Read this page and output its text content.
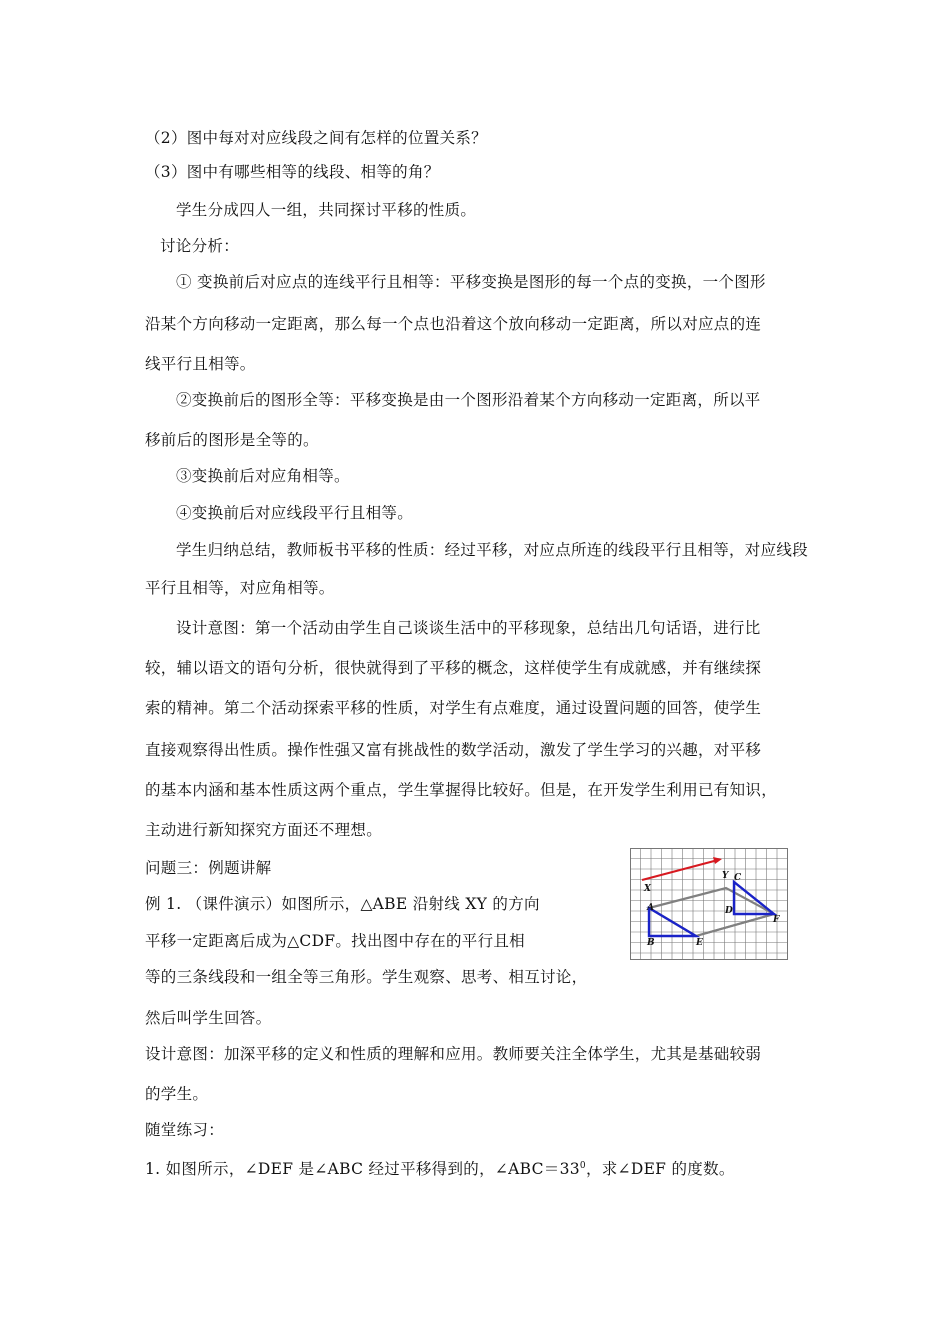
（2）图中每对对应线段之间有怎样的位置关系？
（3）图中有哪些相等的线段、相等的角？
学生分成四人一组，共同探讨平移的性质。
讨论分析：
① 变换前后对应点的连线平行且相等：平移变换是图形的每一个点的变换，一个图形
沿某个方向移动一定距离，那么每一个点也沿着这个放向移动一定距离，所以对应点的连
线平行且相等。
②变换前后的图形全等：平移变换是由一个图形沿着某个方向移动一定距离，所以平
移前后的图形是全等的。
③变换前后对应角相等。
④变换前后对应线段平行且相等。
学生归纳总结，教师板书平移的性质：经过平移，对应点所连的线段平行且相等，对应线段
平行且相等，对应角相等。
设计意图：第一个活动由学生自己谈谈生活中的平移现象，总结出几句话语，进行比
较，辅以语文的语句分析，很快就得到了平移的概念，这样使学生有成就感，并有继续探
索的精神。第二个活动探索平移的性质，对学生有点难度，通过设置问题的回答，使学生
直接观察得出性质。操作性强又富有挑战性的数学活动，激发了学生学习的兴趣，对平移
的基本内涵和基本性质这两个重点，学生掌握得比较好。但是，在开发学生利用已有知识，
主动进行新知探究方面还不理想。
问题三：例题讲解
例 1. （课件演示）如图所示，△ABE 沿射线 XY 的方向
平移一定距离后成为△CDF。找出图中存在的平行且相
等的三条线段和一组全等三角形。学生观察、思考、相互讨论，
然后叫学生回答。
设计意图：加深平移的定义和性质的理解和应用。教师要关注全体学生，尤其是基础较弱
的学生。
随堂练习：
1. 如图所示，∠DEF 是∠ABC 经过平移得到的，$\angle ABC=33^0$，求∠DEF 的度数。
X
Y
A
B
C
D
E
F
